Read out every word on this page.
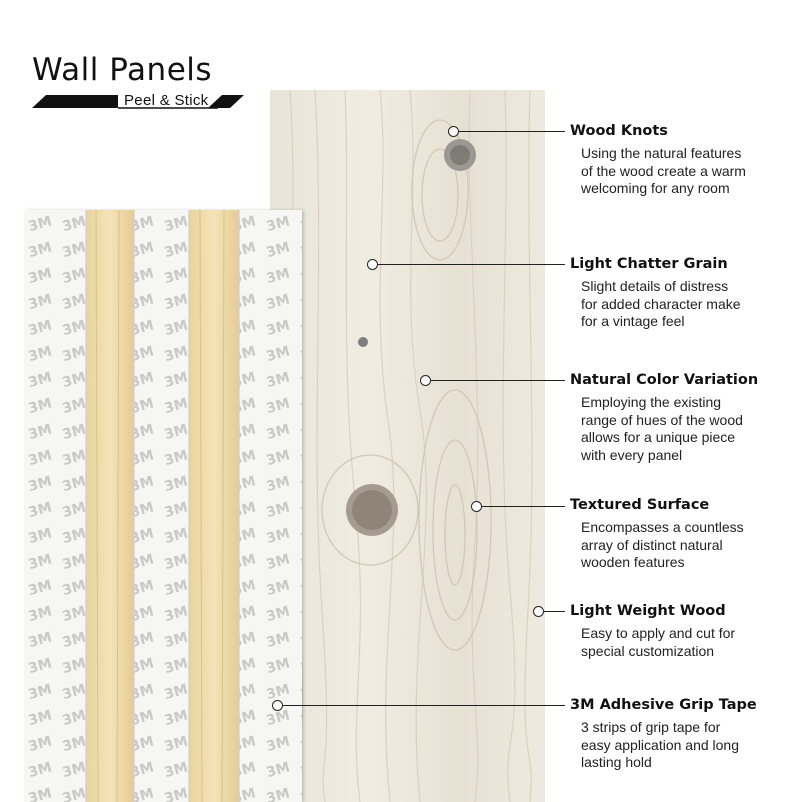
Wall Panels
Peel & Stick

Wood Knots

Using the natural features
of the wood create a warm
welcoming for any room

Light Chatter Grain

Slight details of distress
for added character make
for a vintage feel

Natural Color Variation

Employing the existing
range of hues of the wood
allows for a unique piece
with every panel

Textured Surface

Encompasses a countless
array of distinct natural
wooden features

Light Weight Wood

Easy to apply and cut for
special customization

3M Adhesive Grip Tape

3 strips of grip tape for
easy application and long
lasting hold
